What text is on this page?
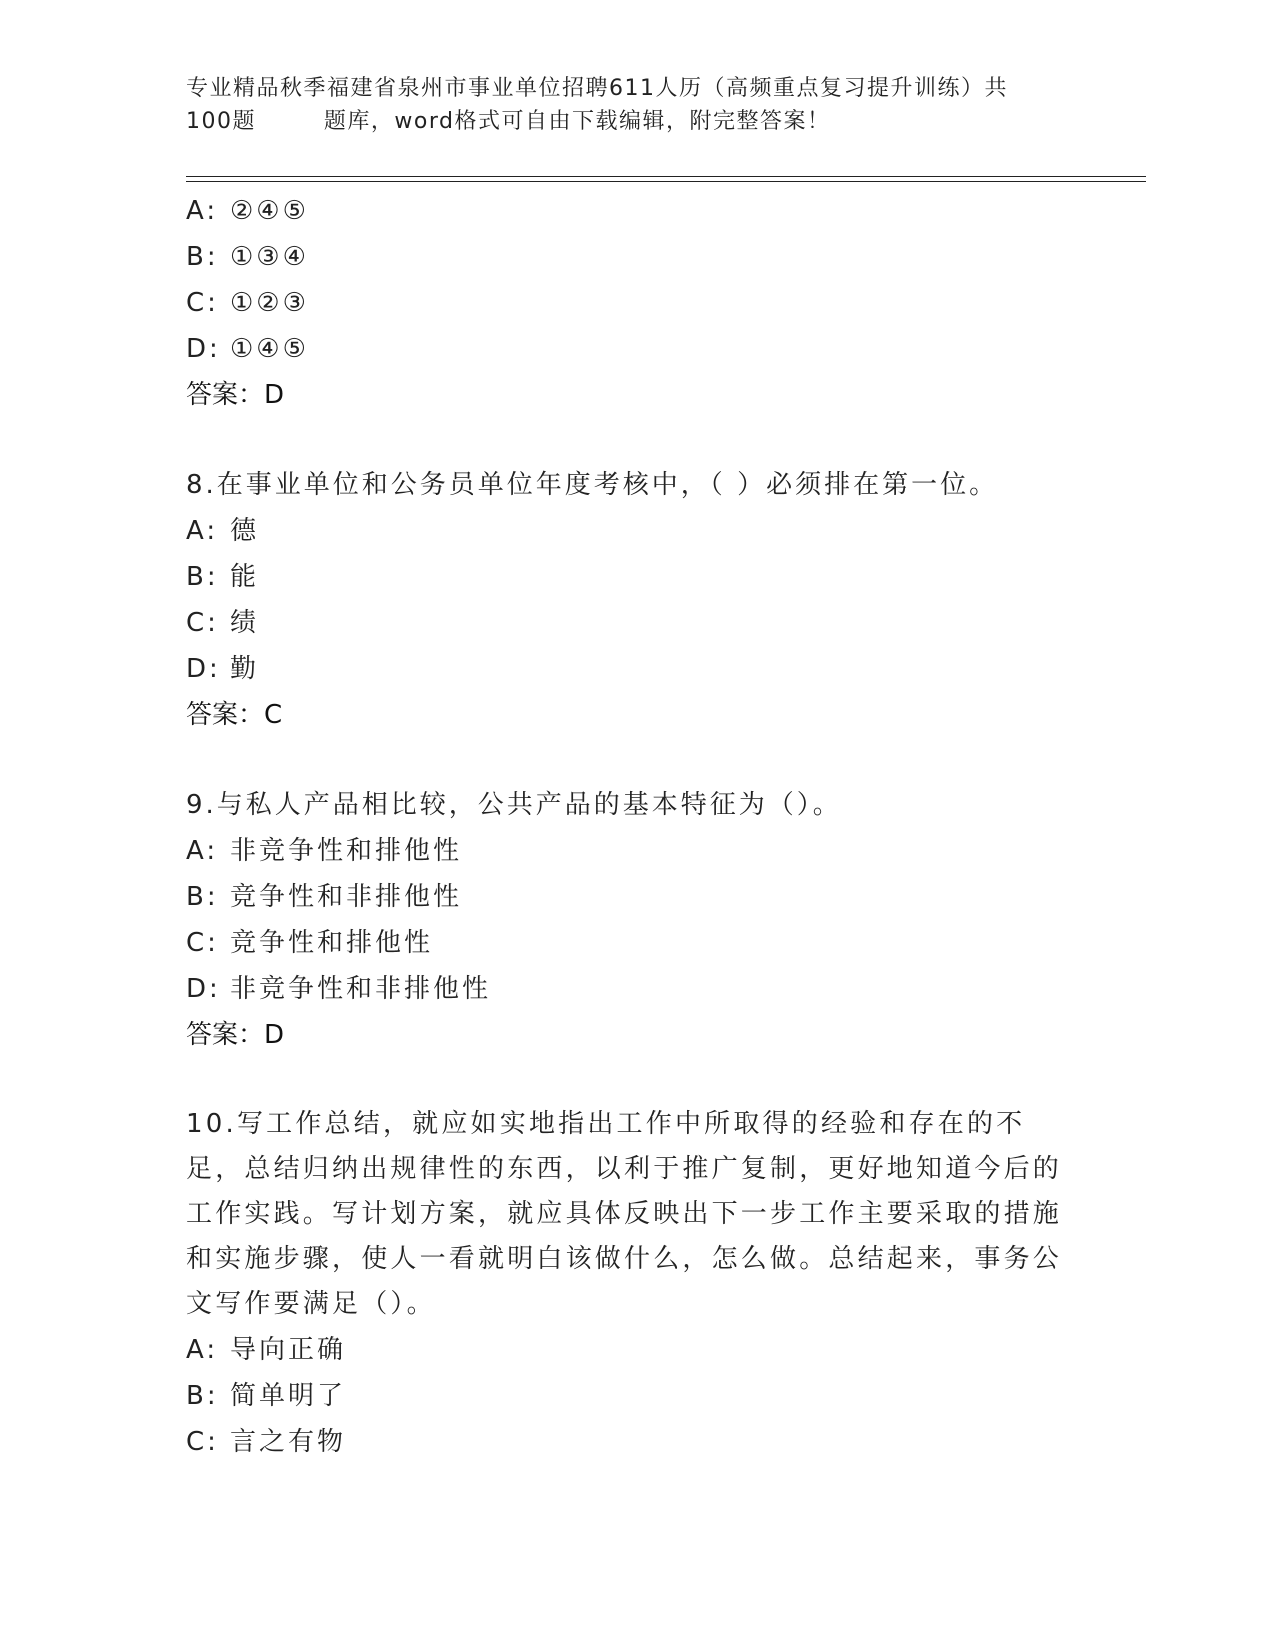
专业精品秋季福建省泉州市事业单位招聘611人历（高频重点复习提升训练）共
100题        题库，word格式可自由下载编辑，附完整答案！
A: ②④⑤
B: ①③④
C: ①②③
D: ①④⑤
答案：D
8.在事业单位和公务员单位年度考核中，（ ）必须排在第一位。
A: 德
B: 能
C: 绩
D: 勤
答案：C
9.与私人产品相比较，公共产品的基本特征为（）。
A: 非竞争性和排他性
B: 竞争性和非排他性
C: 竞争性和排他性
D: 非竞争性和非排他性
答案：D
10.写工作总结，就应如实地指出工作中所取得的经验和存在的不足，总结归纳出规律性的东西，以利于推广复制，更好地知道今后的工作实践。写计划方案，就应具体反映出下一步工作主要采取的措施和实施步骤，使人一看就明白该做什么，怎么做。总结起来，事务公文写作要满足（）。
A: 导向正确
B: 简单明了
C: 言之有物
